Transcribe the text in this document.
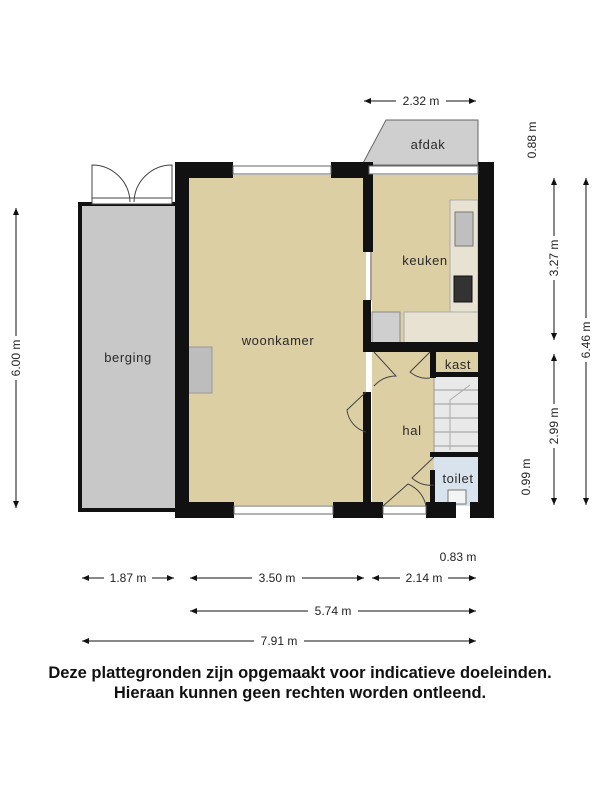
berging
woonkamer
keuken
afdak
kast
hal
toilet
2.32 m
0.88 m
6.00 m
3.27 m
6.46 m
2.99 m
0.99 m
0.83 m
1.87 m	3.50 m	2.14 m
5.74 m
7.91 m
Deze plattegronden zijn opgemaakt voor indicatieve doeleinden.
Hieraan kunnen geen rechten worden ontleend.
